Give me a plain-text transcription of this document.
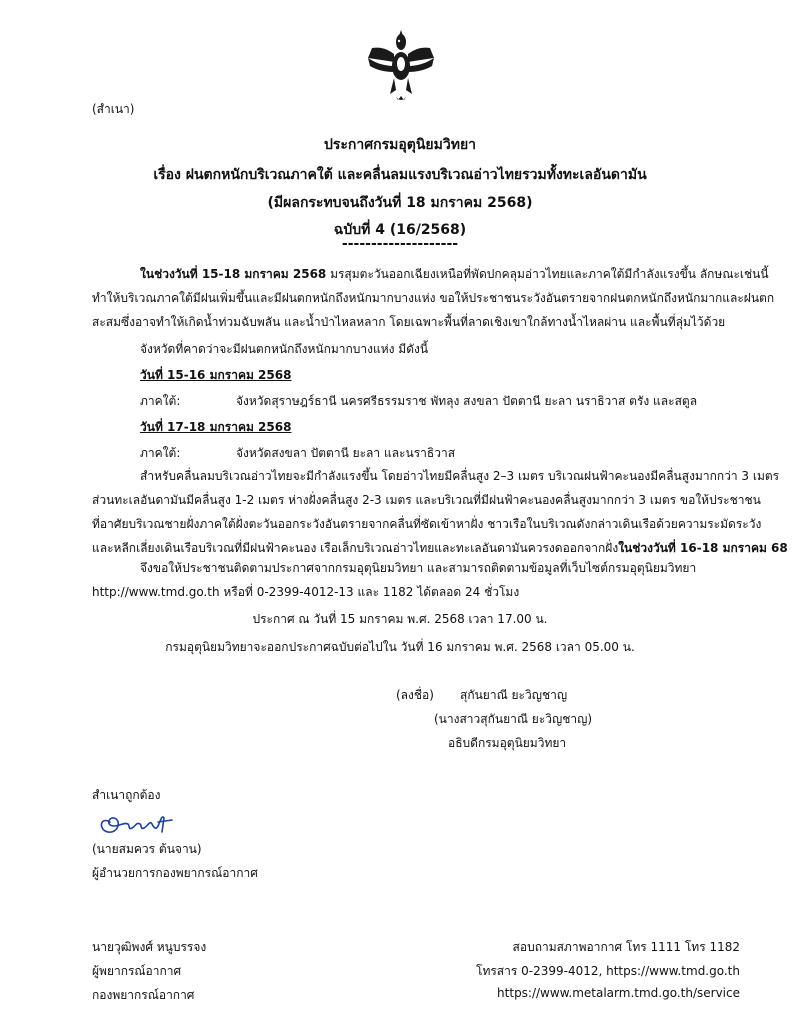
(สำเนา)
ประกาศกรมอุตุนิยมวิทยา
เรื่อง ฝนตกหนักบริเวณภาคใต้ และคลื่นลมแรงบริเวณอ่าวไทยรวมทั้งทะเลอันดามัน
(มีผลกระทบจนถึงวันที่ 18 มกราคม 2568)
ฉบับที่ 4 (16/2568)
--------------------

ในช่วงวันที่ 15-18 มกราคม 2568 มรสุมตะวันออกเฉียงเหนือที่พัดปกคลุมอ่าวไทยและภาคใต้มีกำลังแรงขึ้น ลักษณะเช่นนี้

ทำให้บริเวณภาคใต้มีฝนเพิ่มขึ้นและมีฝนตกหนักถึงหนักมากบางแห่ง ขอให้ประชาชนระวังอันตรายจากฝนตกหนักถึงหนักมากและฝนตก

สะสมซึ่งอาจทำให้เกิดน้ำท่วมฉับพลัน และน้ำป่าไหลหลาก โดยเฉพาะพื้นที่ลาดเชิงเขาใกล้ทางน้ำไหลผ่าน และพื้นที่ลุ่มไว้ด้วย

จังหวัดที่คาดว่าจะมีฝนตกหนักถึงหนักมากบางแห่ง มีดังนี้
วันที่ 15-16 มกราคม 2568
ภาคใต้:	จังหวัดสุราษฎร์ธานี นครศรีธรรมราช พัทลุง สงขลา ปัตตานี ยะลา นราธิวาส ตรัง และสตูล
วันที่ 17-18 มกราคม 2568
ภาคใต้:	จังหวัดสงขลา ปัตตานี ยะลา และนราธิวาส

สำหรับคลื่นลมบริเวณอ่าวไทยจะมีกำลังแรงขึ้น โดยอ่าวไทยมีคลื่นสูง 2–3 เมตร บริเวณฝนฟ้าคะนองมีคลื่นสูงมากกว่า 3 เมตร

ส่วนทะเลอันดามันมีคลื่นสูง 1-2 เมตร ห่างฝั่งคลื่นสูง 2-3 เมตร และบริเวณที่มีฝนฟ้าคะนองคลื่นสูงมากกว่า 3 เมตร ขอให้ประชาชน

ที่อาศัยบริเวณชายฝั่งภาคใต้ฝั่งตะวันออกระวังอันตรายจากคลื่นที่ซัดเข้าหาฝั่ง ชาวเรือในบริเวณดังกล่าวเดินเรือด้วยความระมัดระวัง

และหลีกเลี่ยงเดินเรือบริเวณที่มีฝนฟ้าคะนอง เรือเล็กบริเวณอ่าวไทยและทะเลอันดามันควรงดออกจากฝั่งในช่วงวันที่ 16-18 มกราคม 68

จึงขอให้ประชาชนติดตามประกาศจากกรมอุตุนิยมวิทยา และสามารถติดตามข้อมูลที่เว็บไซต์กรมอุตุนิยมวิทยา

http://www.tmd.go.th หรือที่ 0-2399-4012-13 และ 1182 ได้ตลอด 24 ชั่วโมง

ประกาศ ณ วันที่ 15 มกราคม พ.ศ. 2568 เวลา 17.00 น.
กรมอุตุนิยมวิทยาจะออกประกาศฉบับต่อไปใน วันที่ 16 มกราคม พ.ศ. 2568 เวลา 05.00 น.
(ลงชื่อ) สุกันยาณี ยะวิญชาญ
(นางสาวสุกันยาณี ยะวิญชาญ)
อธิบดีกรมอุตุนิยมวิทยา
สำเนาถูกต้อง
(นายสมควร ต้นจาน)
ผู้อำนวยการกองพยากรณ์อากาศ
นายวุฒิพงศ์ หนูบรรจง
ผู้พยากรณ์อากาศ
กองพยากรณ์อากาศ
สอบถามสภาพอากาศ โทร 1111 โทร 1182
โทรสาร 0-2399-4012, https://www.tmd.go.th
https://www.metalarm.tmd.go.th/service
